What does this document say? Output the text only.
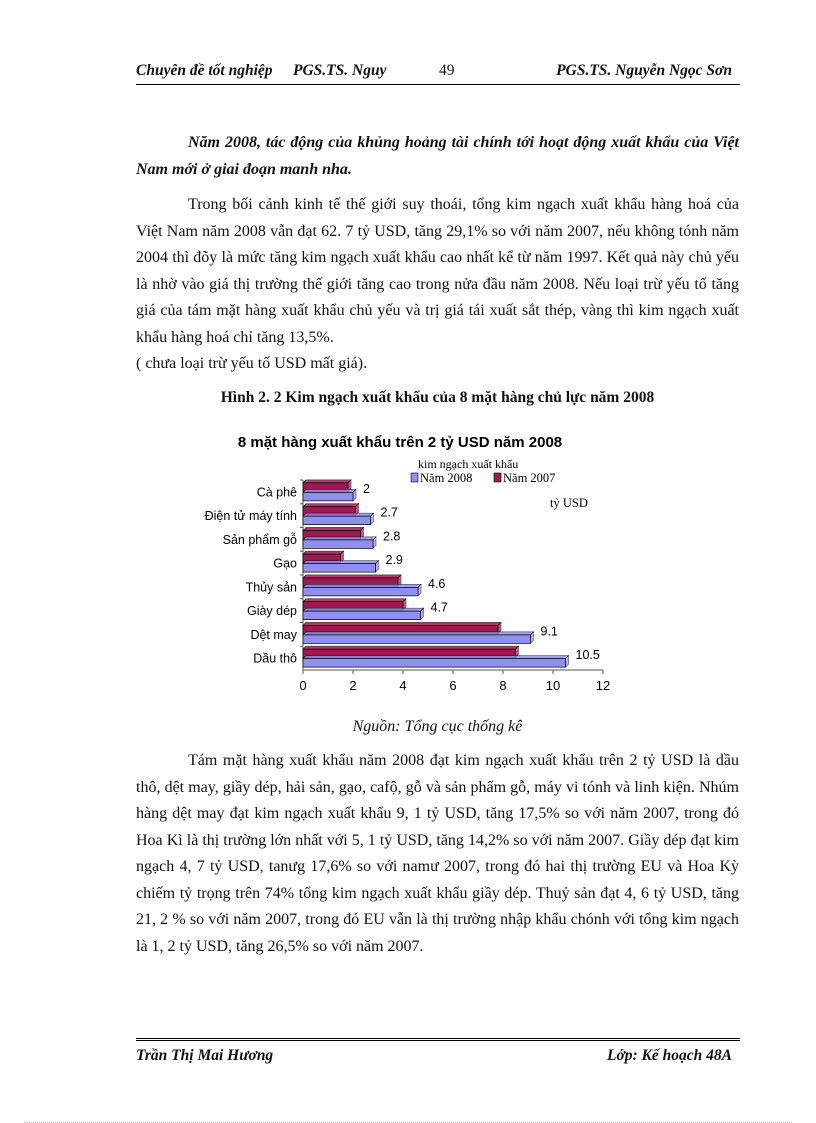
Chuyên đề tốt nghiệp PGS.TS. Nguy	49	PGS.TS. Nguyễn Ngọc Sơn

Năm 2008, tác động của khủng hoảng tài chính tới hoạt động xuất khẩu của Việt Nam mới ở giai đoạn manh nha.

Trong bối cảnh kinh tế thế giới suy thoái, tổng kim ngạch xuất khẩu hàng hoá của Việt Nam năm 2008 vẫn đạt 62. 7 tỷ USD, tăng 29,1% so với năm 2007, nếu không tónh năm 2004 thì đõy là mức tăng kim ngạch xuất khẩu cao nhất kể từ năm 1997. Kết quả này chủ yếu là nhờ vào giá thị trường thế giới tăng cao trong nửa đầu năm 2008. Nếu loại trừ yếu tố tăng giá của tám mặt hàng xuất khẩu chủ yếu và trị giá tái xuất sắt thép, vàng thì kim ngạch xuất khẩu hàng hoá chỉ tăng 13,5%.

( chưa loại trừ yếu tố USD mất giá).

Hình 2. 2 Kim ngạch xuất khẩu của 8 mặt hàng chủ lực năm 2008
8 mặt hàng xuất khẩu trên 2 tỷ USD năm 2008
kim ngạch xuất khẩu
Năm 2008 Năm 2007
tỷ USD
0	2	4	6	8	10	12
Cà phê	2
Điện tử máy tính	2.7
Sản phẩm gỗ	2.8
Gạo	2.9
Thủy sản	4.6
Giày dép	4.7
Dệt may	9.1
Dầu thô	10.5
Nguồn: Tổng cục thống kê

Tám mặt hàng xuất khẩu năm 2008 đạt kim ngạch xuất khẩu trên 2 tỷ USD là dầu thô, dệt may, giầy dép, hải sản, gạo, cafộ, gỗ và sản phẩm gỗ, máy vi tónh và linh kiện. Nhúm hàng dệt may đạt kim ngạch xuất khẩu 9, 1 tỷ USD, tăng 17,5% so với năm 2007, trong đó Hoa Kì là thị trường lớn nhất với 5, 1 tỷ USD, tăng 14,2% so với năm 2007. Giầy dép đạt kim ngạch 4, 7 tỷ USD, tanưg 17,6% so với namư 2007, trong đó hai thị trường EU và Hoa Kỳ chiếm tỷ trọng trên 74% tổng kim ngạch xuất khẩu giầy dép. Thuỷ sản đạt 4, 6 tỷ USD, tăng 21, 2 % so với năm 2007, trong đó EU vẫn là thị trường nhập khẩu chónh với tổng kim ngạch là 1, 2 tỷ USD, tăng 26,5% so với năm 2007.

Trần Thị Mai Hương	Lớp: Kế hoạch 48A
